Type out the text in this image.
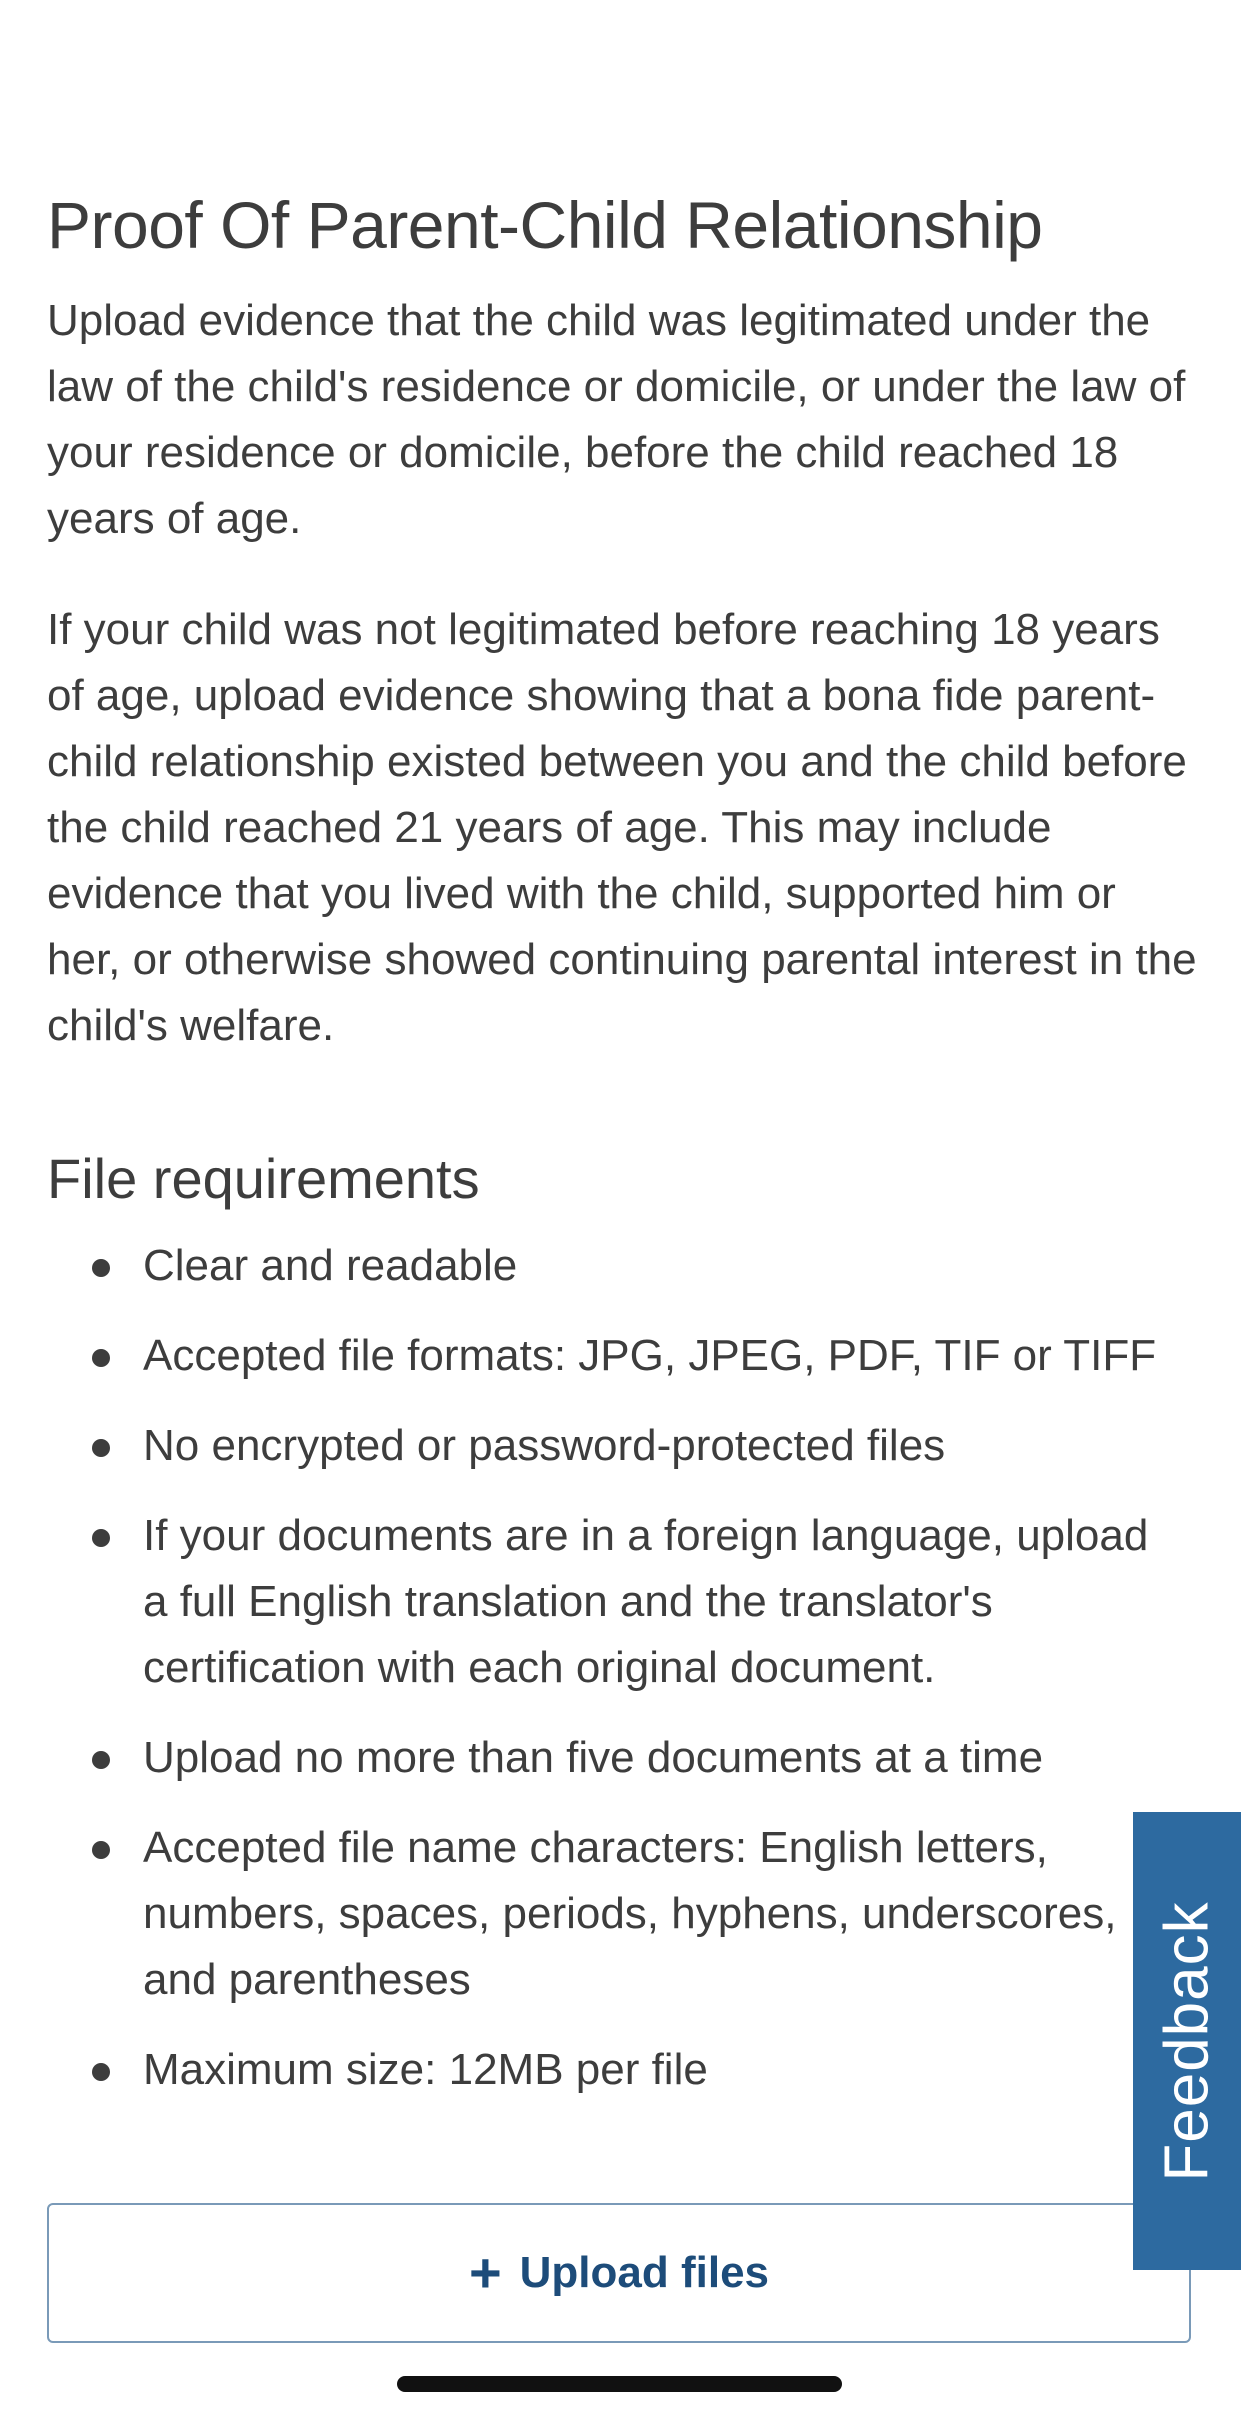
Proof Of Parent-Child Relationship

Upload evidence that the child was legitimated under the law of the child's residence or domicile, or under the law of your residence or domicile, before the child reached 18 years of age.

If your child was not legitimated before reaching 18 years of age, upload evidence showing that a bona fide parent-child relationship existed between you and the child before the child reached 21 years of age. This may include evidence that you lived with the child, supported him or her, or otherwise showed continuing parental interest in the child's welfare.

File requirements
Clear and readable
Accepted file formats: JPG, JPEG, PDF, TIF or TIFF
No encrypted or password-protected files
If your documents are in a foreign language, upload a full English translation and the translator's certification with each original document.
Upload no more than five documents at a time
Accepted file name characters: English letters, numbers, spaces, periods, hyphens, underscores, and parentheses
Maximum size: 12MB per file
+ Upload files
Feedback
